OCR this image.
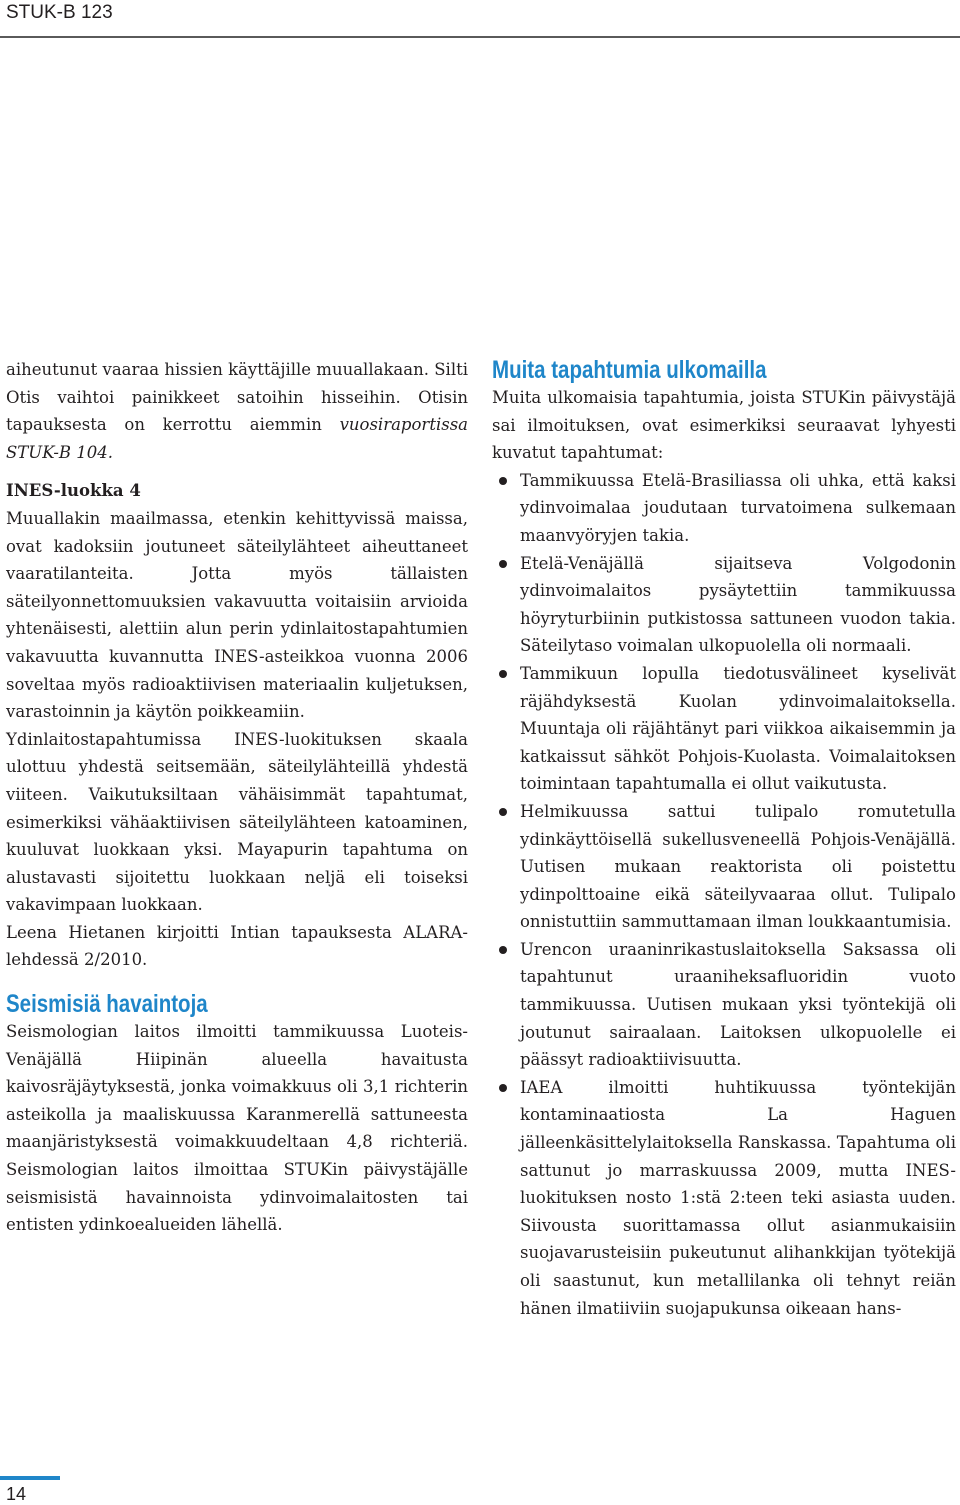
STUK-B 123

aiheutunut vaaraa hissien käyttäjille muuallakaan. Silti Otis vaihtoi painikkeet satoihin hisseihin. Otisin tapauksesta on kerrottu aiemmin vuosiraportissa STUK-B 104.

INES-luokka 4

Muuallakin maailmassa, etenkin kehittyvissä maissa, ovat kadoksiin joutuneet säteilylähteet aiheuttaneet vaaratilanteita. Jotta myös tällaisten säteilyonnettomuuksien vakavuutta voitaisiin arvioida yhtenäisesti, alettiin alun perin ydinlaitostapahtumien vakavuutta kuvannutta INES-asteikkoa vuonna 2006 soveltaa myös radioaktiivisen materiaalin kuljetuksen, varastoinnin ja käytön poikkeamiin.

Ydinlaitostapahtumissa INES-luokituksen skaala ulottuu yhdestä seitsemään, säteilylähteillä yhdestä viiteen. Vaikutuksiltaan vähäisimmät tapahtumat, esimerkiksi vähäaktiivisen säteilylähteen katoaminen, kuuluvat luokkaan yksi. Mayapurin tapahtuma on alustavasti sijoitettu luokkaan neljä eli toiseksi vakavimpaan luokkaan.

Leena Hietanen kirjoitti Intian tapauksesta ALARA-lehdessä 2/2010.

Seismisiä havaintoja

Seismologian laitos ilmoitti tammikuussa Luoteis-Venäjällä Hiipinän alueella havaitusta kaivosräjäytyksestä, jonka voimakkuus oli 3,1 richterin asteikolla ja maaliskuussa Karanmerellä sattuneesta maanjäristyksestä voimakkuudeltaan 4,8 richteriä. Seismologian laitos ilmoittaa STUKin päivystäjälle seismisistä havainnoista ydinvoimalaitosten tai entisten ydinkoealueiden lähellä.

Muita tapahtumia ulkomailla

Muita ulkomaisia tapahtumia, joista STUKin päivystäjä sai ilmoituksen, ovat esimerkiksi seuraavat lyhyesti kuvatut tapahtumat:

Tammikuussa Etelä-Brasiliassa oli uhka, että kaksi ydinvoimalaa joudutaan turvatoimena sulkemaan maanvyöryjen takia.
Etelä-Venäjällä sijaitseva Volgodonin ydinvoimalaitos pysäytettiin tammikuussa höyryturbiinin putkistossa sattuneen vuodon takia. Säteilytaso voimalan ulkopuolella oli normaali.
Tammikuun lopulla tiedotusvälineet kyselivät räjähdyksestä Kuolan ydinvoimalaitoksella. Muuntaja oli räjähtänyt pari viikkoa aikaisemmin ja katkaissut sähköt Pohjois-Kuolasta. Voimalaitoksen toimintaan tapahtumalla ei ollut vaikutusta.
Helmikuussa sattui tulipalo romutetulla ydinkäyttöisellä sukellusveneellä Pohjois-Venäjällä. Uutisen mukaan reaktorista oli poistettu ydinpolttoaine eikä säteilyvaaraa ollut. Tulipalo onnistuttiin sammuttamaan ilman loukkaantumisia.
Urencon uraaninrikastuslaitoksella Saksassa oli tapahtunut uraaniheksafluoridin vuoto tammikuussa. Uutisen mukaan yksi työntekijä oli joutunut sairaalaan. Laitoksen ulkopuolelle ei päässyt radioaktiivisuutta.
IAEA ilmoitti huhtikuussa työntekijän kontaminaatiosta La Haguen jälleenkäsittelylaitoksella Ranskassa. Tapahtuma oli sattunut jo marraskuussa 2009, mutta INES-luokituksen nosto 1:stä 2:teen teki asiasta uuden. Siivousta suorittamassa ollut asianmukaisiin suojavarusteisiin pukeutunut alihankkijan työtekijä oli saastunut, kun metallilanka oli tehnyt reiän hänen ilmatiiviin suojapukunsa oikeaan hans-
14
